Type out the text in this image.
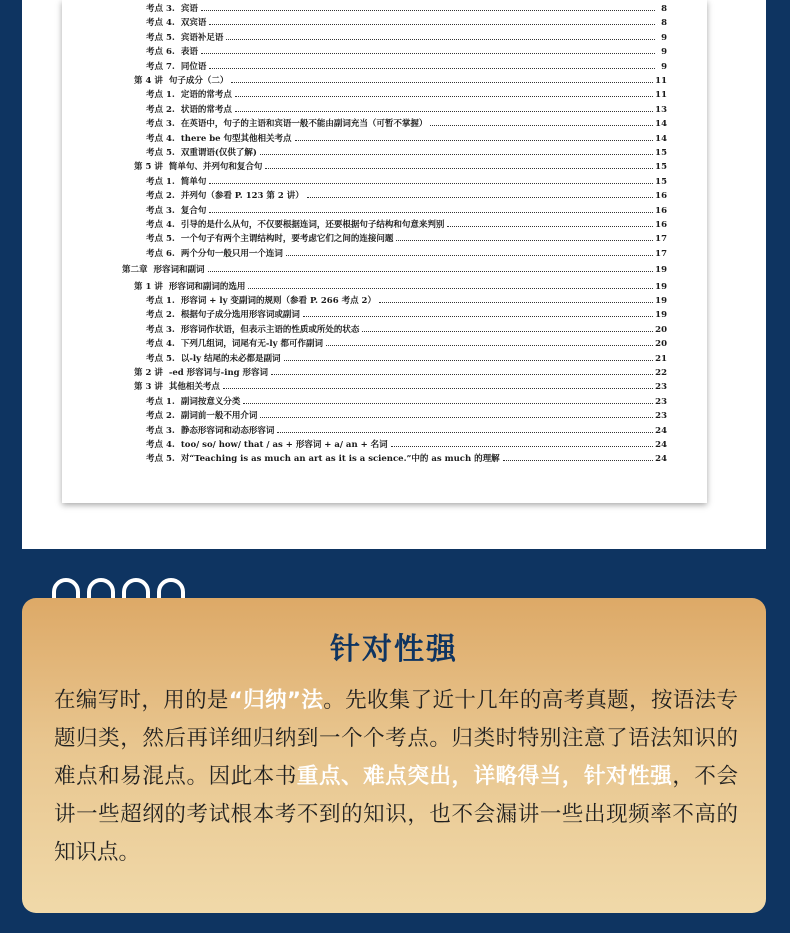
考点 3. 宾语	8
考点 4. 双宾语	8
考点 5. 宾语补足语	9
考点 6. 表语	9
考点 7. 同位语	9
第 4 讲 句子成分（二）	11
考点 1. 定语的常考点	11
考点 2. 状语的常考点	13
考点 3. 在英语中，句子的主语和宾语一般不能由副词充当（可暂不掌握）	14
考点 4. there be 句型其他相关考点	14
考点 5. 双重谓语(仅供了解)	15
第 5 讲 简单句、并列句和复合句	15
考点 1. 简单句	15
考点 2. 并列句（参看 P. 123 第 2 讲）	16
考点 3. 复合句	16
考点 4. 引导的是什么从句，不仅要根据连词，还要根据句子结构和句意来判别	16
考点 5. 一个句子有两个主谓结构时，要考虑它们之间的连接问题	17
考点 6. 两个分句一般只用一个连词	17
第二章 形容词和副词	19
第 1 讲 形容词和副词的选用	19
考点 1. 形容词 + ly 变副词的规则（参看 P. 266 考点 2）	19
考点 2. 根据句子成分选用形容词或副词	19
考点 3. 形容词作状语，但表示主语的性质或所处的状态	20
考点 4. 下列几组词，词尾有无-ly 都可作副词	20
考点 5. 以-ly 结尾的未必都是副词	21
第 2 讲 -ed 形容词与-ing 形容词	22
第 3 讲 其他相关考点	23
考点 1. 副词按意义分类	23
考点 2. 副词前一般不用介词	23
考点 3. 静态形容词和动态形容词	24
考点 4. too/ so/ how/ that / as + 形容词 + a/ an + 名词	24
考点 5. 对“Teaching is as much an art as it is a science.”中的 as much 的理解	24
针对性强
在编写时，用的是“归纳”法。先收集了近十几年的高考真题，按语法专题归类，然后再详细归纳到一个个考点。归类时特别注意了语法知识的难点和易混点。因此本书重点、难点突出，详略得当，针对性强，不会讲一些超纲的考试根本考不到的知识，也不会漏讲一些出现频率不高的知识点。
